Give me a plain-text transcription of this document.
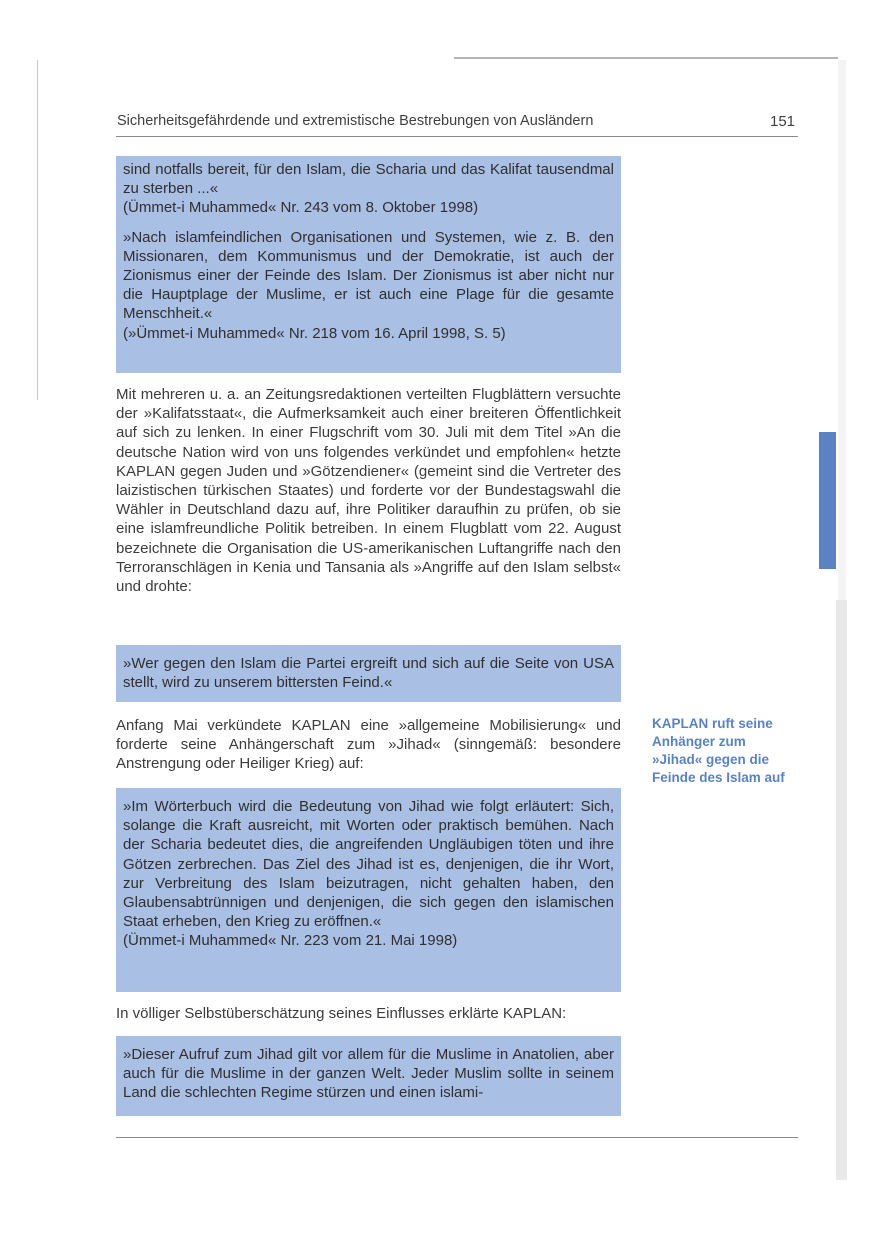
Sicherheitsgefährdende und extremistische Bestrebungen von Ausländern	151

sind notfalls bereit, für den Islam, die Scharia und das Kalifat tausendmal zu sterben ...«

(Ümmet-i Muhammed« Nr. 243 vom 8. Oktober 1998)

»Nach islamfeindlichen Organisationen und Systemen, wie z. B. den Missionaren, dem Kommunismus und der Demokratie, ist auch der Zionismus einer der Feinde des Islam. Der Zionismus ist aber nicht nur die Hauptplage der Muslime, er ist auch eine Plage für die gesamte Menschheit.«

(»Ümmet-i Muhammed« Nr. 218 vom 16. April 1998, S. 5)

Mit mehreren u. a. an Zeitungsredaktionen verteilten Flugblättern versuchte der »Kalifatsstaat«, die Aufmerksamkeit auch einer breiteren Öffentlichkeit auf sich zu lenken. In einer Flugschrift vom 30. Juli mit dem Titel »An die deutsche Nation wird von uns folgendes verkündet und empfohlen« hetzte KAPLAN gegen Juden und »Götzendiener« (gemeint sind die Vertreter des laizistischen türkischen Staates) und forderte vor der Bundestagswahl die Wähler in Deutschland dazu auf, ihre Politiker daraufhin zu prüfen, ob sie eine islamfreundliche Politik betreiben. In einem Flugblatt vom 22. August bezeichnete die Organisation die US-amerikanischen Luftangriffe nach den Terroranschlägen in Kenia und Tansania als »Angriffe auf den Islam selbst« und drohte:

»Wer gegen den Islam die Partei ergreift und sich auf die Seite von USA stellt, wird zu unserem bittersten Feind.«

Anfang Mai verkündete KAPLAN eine »allgemeine Mobilisierung« und forderte seine Anhängerschaft zum »Jihad« (sinngemäß: besondere Anstrengung oder Heiliger Krieg) auf:

»Im Wörterbuch wird die Bedeutung von Jihad wie folgt erläutert: Sich, solange die Kraft ausreicht, mit Worten oder praktisch bemühen. Nach der Scharia bedeutet dies, die angreifenden Ungläubigen töten und ihre Götzen zerbrechen. Das Ziel des Jihad ist es, denjenigen, die ihr Wort, zur Verbreitung des Islam beizutragen, nicht gehalten haben, den Glaubensabtrünnigen und denjenigen, die sich gegen den islamischen Staat erheben, den Krieg zu eröffnen.«

(Ümmet-i Muhammed« Nr. 223 vom 21. Mai 1998)

In völliger Selbstüberschätzung seines Einflusses erklärte KAPLAN:

»Dieser Aufruf zum Jihad gilt vor allem für die Muslime in Anatolien, aber auch für die Muslime in der ganzen Welt. Jeder Muslim sollte in seinem Land die schlechten Regime stürzen und einen islami-

KAPLAN ruft seine
Anhänger zum
»Jihad« gegen die
Feinde des Islam auf
